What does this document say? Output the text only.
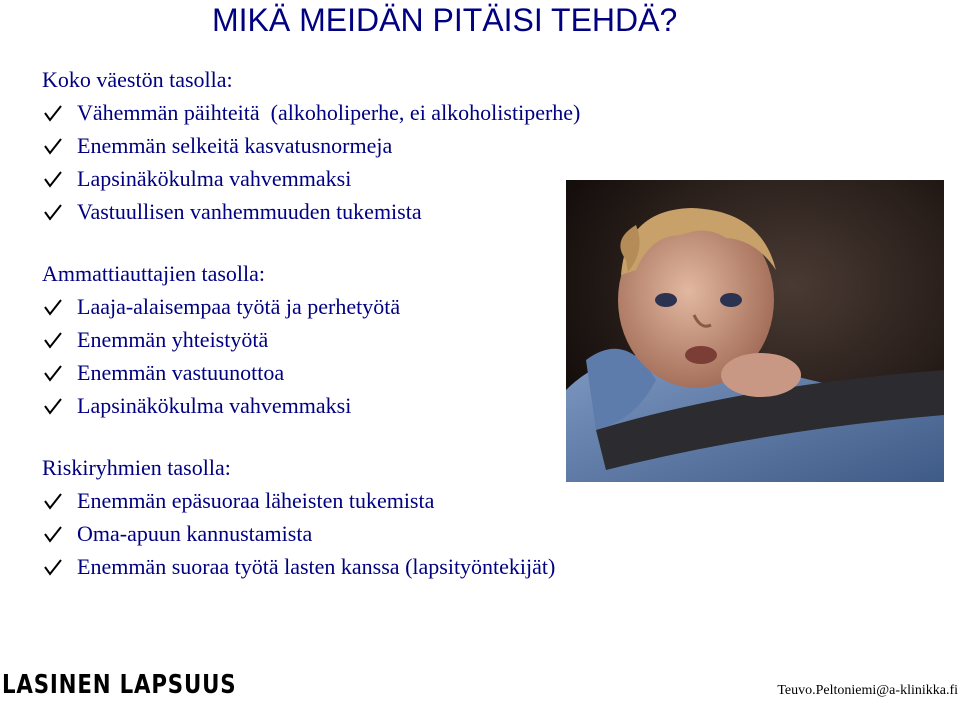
MIKÄ MEIDÄN PITÄISI TEHDÄ?
Koko väestön tasolla:
Vähemmän päihteitä  (alkoholiperhe, ei alkoholistiperhe)
Enemmän selkeitä kasvatusnormeja
Lapsinäkökulma vahvemmaksi
Vastuullisen vanhemmuuden tukemista
Ammattiauttajien tasolla:
Laaja-alaisempaa työtä ja perhetyötä
Enemmän yhteistyötä
Enemmän vastuunottoa
Lapsinäkökulma vahvemmaksi
Riskiryhmien tasolla:
Enemmän epäsuoraa läheisten tukemista
Oma-apuun kannustamista
Enemmän suoraa työtä lasten kanssa (lapsityöntekijät)
LASINEN LAPSUUS	Teuvo.Peltoniemi@a-klinikka.fi
